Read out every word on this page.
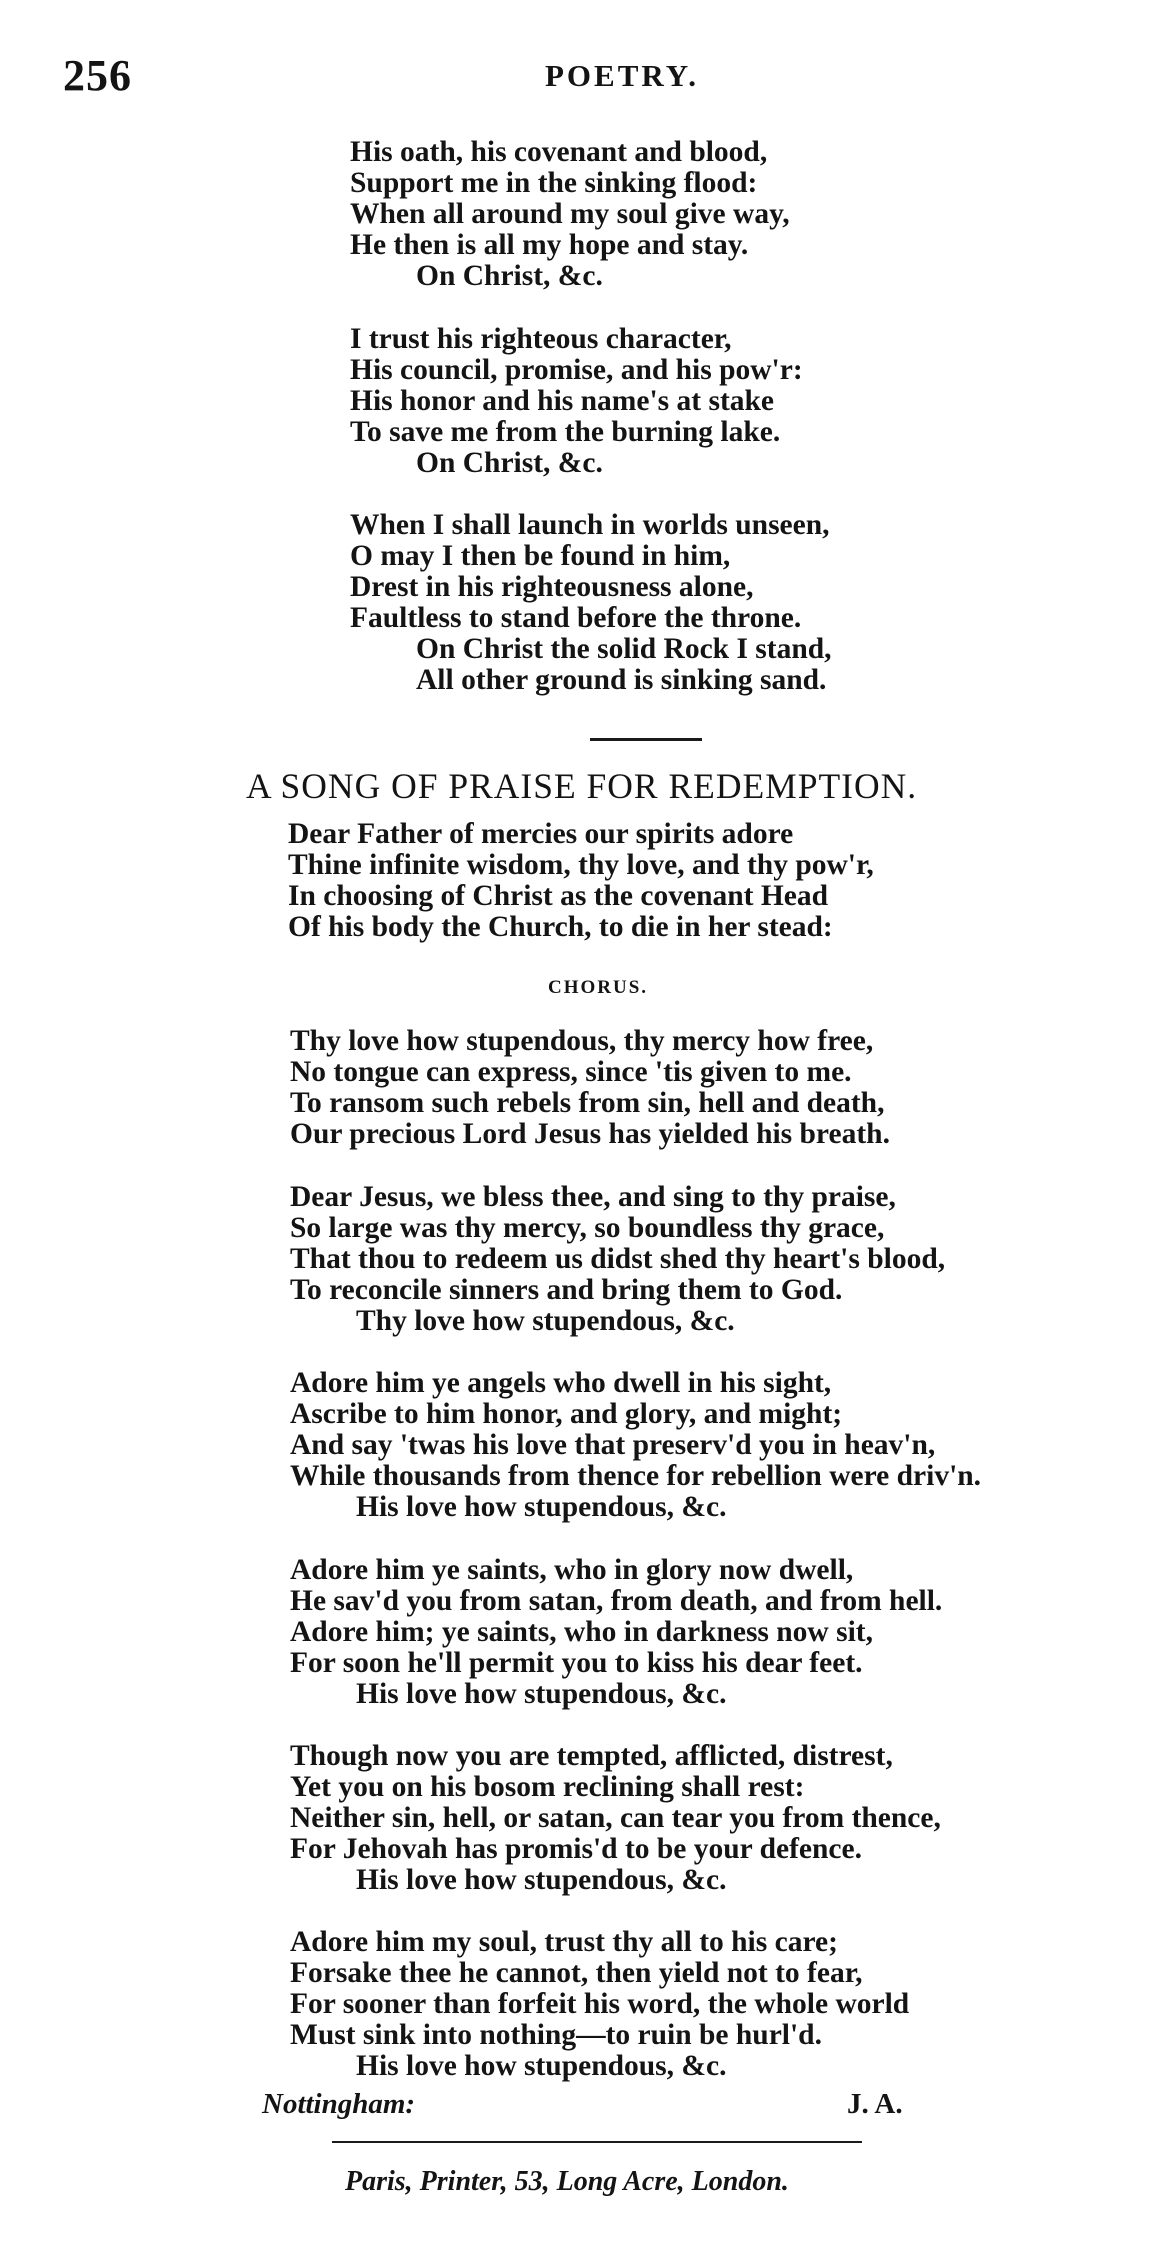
256	POETRY.
His oath, his covenant and blood,
Support me in the sinking flood:
When all around my soul give way,
He then is all my hope and stay.
On Christ, &c.
I trust his righteous character,
His council, promise, and his pow'r:
His honor and his name's at stake
To save me from the burning lake.
On Christ, &c.
When I shall launch in worlds unseen,
O may I then be found in him,
Drest in his righteousness alone,
Faultless to stand before the throne.
On Christ the solid Rock I stand,
All other ground is sinking sand.
A SONG OF PRAISE FOR REDEMPTION.
Dear Father of mercies our spirits adore
Thine infinite wisdom, thy love, and thy pow'r,
In choosing of Christ as the covenant Head
Of his body the Church, to die in her stead:
CHORUS.
Thy love how stupendous, thy mercy how free,
No tongue can express, since 'tis given to me.
To ransom such rebels from sin, hell and death,
Our precious Lord Jesus has yielded his breath.
Dear Jesus, we bless thee, and sing to thy praise,
So large was thy mercy, so boundless thy grace,
That thou to redeem us didst shed thy heart's blood,
To reconcile sinners and bring them to God.
Thy love how stupendous, &c.
Adore him ye angels who dwell in his sight,
Ascribe to him honor, and glory, and might;
And say 'twas his love that preserv'd you in heav'n,
While thousands from thence for rebellion were driv'n.
His love how stupendous, &c.
Adore him ye saints, who in glory now dwell,
He sav'd you from satan, from death, and from hell.
Adore him; ye saints, who in darkness now sit,
For soon he'll permit you to kiss his dear feet.
His love how stupendous, &c.
Though now you are tempted, afflicted, distrest,
Yet you on his bosom reclining shall rest:
Neither sin, hell, or satan, can tear you from thence,
For Jehovah has promis'd to be your defence.
His love how stupendous, &c.
Adore him my soul, trust thy all to his care;
Forsake thee he cannot, then yield not to fear,
For sooner than forfeit his word, the whole world
Must sink into nothing—to ruin be hurl'd.
His love how stupendous, &c.
Nottingham:	J. A.
Paris, Printer, 53, Long Acre, London.
